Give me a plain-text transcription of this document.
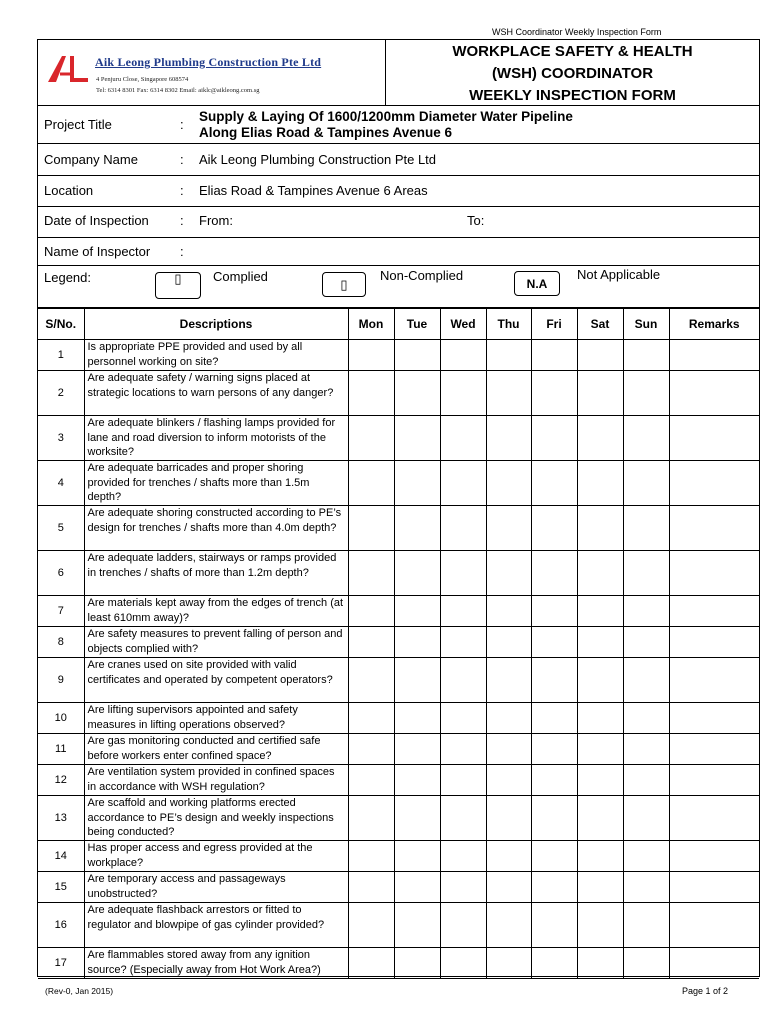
WSH Coordinator Weekly Inspection Form
Aik Leong Plumbing Construction Pte Ltd
4 Penjuru Close, Singapore 608574
Tel: 6314 8301 Fax: 6314 8302 Email: aiklc@aikleong.com.sg
WORKPLACE SAFETY & HEALTH
(WSH) COORDINATOR
WEEKLY INSPECTION FORM
Project Title	:
Supply & Laying Of 1600/1200mm Diameter Water Pipeline
Along Elias Road & Tampines Avenue 6
Company Name	: Aik Leong Plumbing Construction Pte Ltd
Location	: Elias Road & Tampines Avenue 6 Areas
Date of Inspection : From:	To:
Name of Inspector :
Legend:	▯	Complied
▯
Non-Complied
N.A
Not Applicable
S/No.	Descriptions	Mon	Tue	Wed	Thu	Fri	Sat	Sun	Remarks
1	Is appropriate PPE provided and used by all personnel working on site?								
2	Are adequate safety / warning signs placed at strategic locations to warn persons of any danger?								
3	Are adequate blinkers / flashing lamps provided for lane and road diversion to inform motorists of the worksite?								
4	Are adequate barricades and proper shoring provided for trenches / shafts more than 1.5m depth?								
5	Are adequate shoring constructed according to PE’s design for trenches / shafts more than 4.0m depth?								
6	Are adequate ladders, stairways or ramps provided in trenches / shafts of more than 1.2m depth?								
7	Are materials kept away from the edges of trench (at least 610mm away)?								
8	Are safety measures to prevent falling of person and objects complied with?								
9	Are cranes used on site provided with valid certificates and operated by competent operators?								
10	Are lifting supervisors appointed and safety measures in lifting operations observed?								
11	Are gas monitoring conducted and certified safe before workers enter confined space?								
12	Are ventilation system provided in confined spaces in accordance with WSH regulation?								
13	Are scaffold and working platforms erected accordance to PE’s design and weekly inspections being conducted?								
14	Has proper access and egress provided at the workplace?								
15	Are temporary access and passageways unobstructed?								
16	Are adequate flashback arrestors or fitted to regulator and blowpipe of gas cylinder provided?								
17	Are flammables stored away from any ignition source? (Especially away from Hot Work Area?)								
(Rev-0, Jan 2015)	Page 1 of 2
